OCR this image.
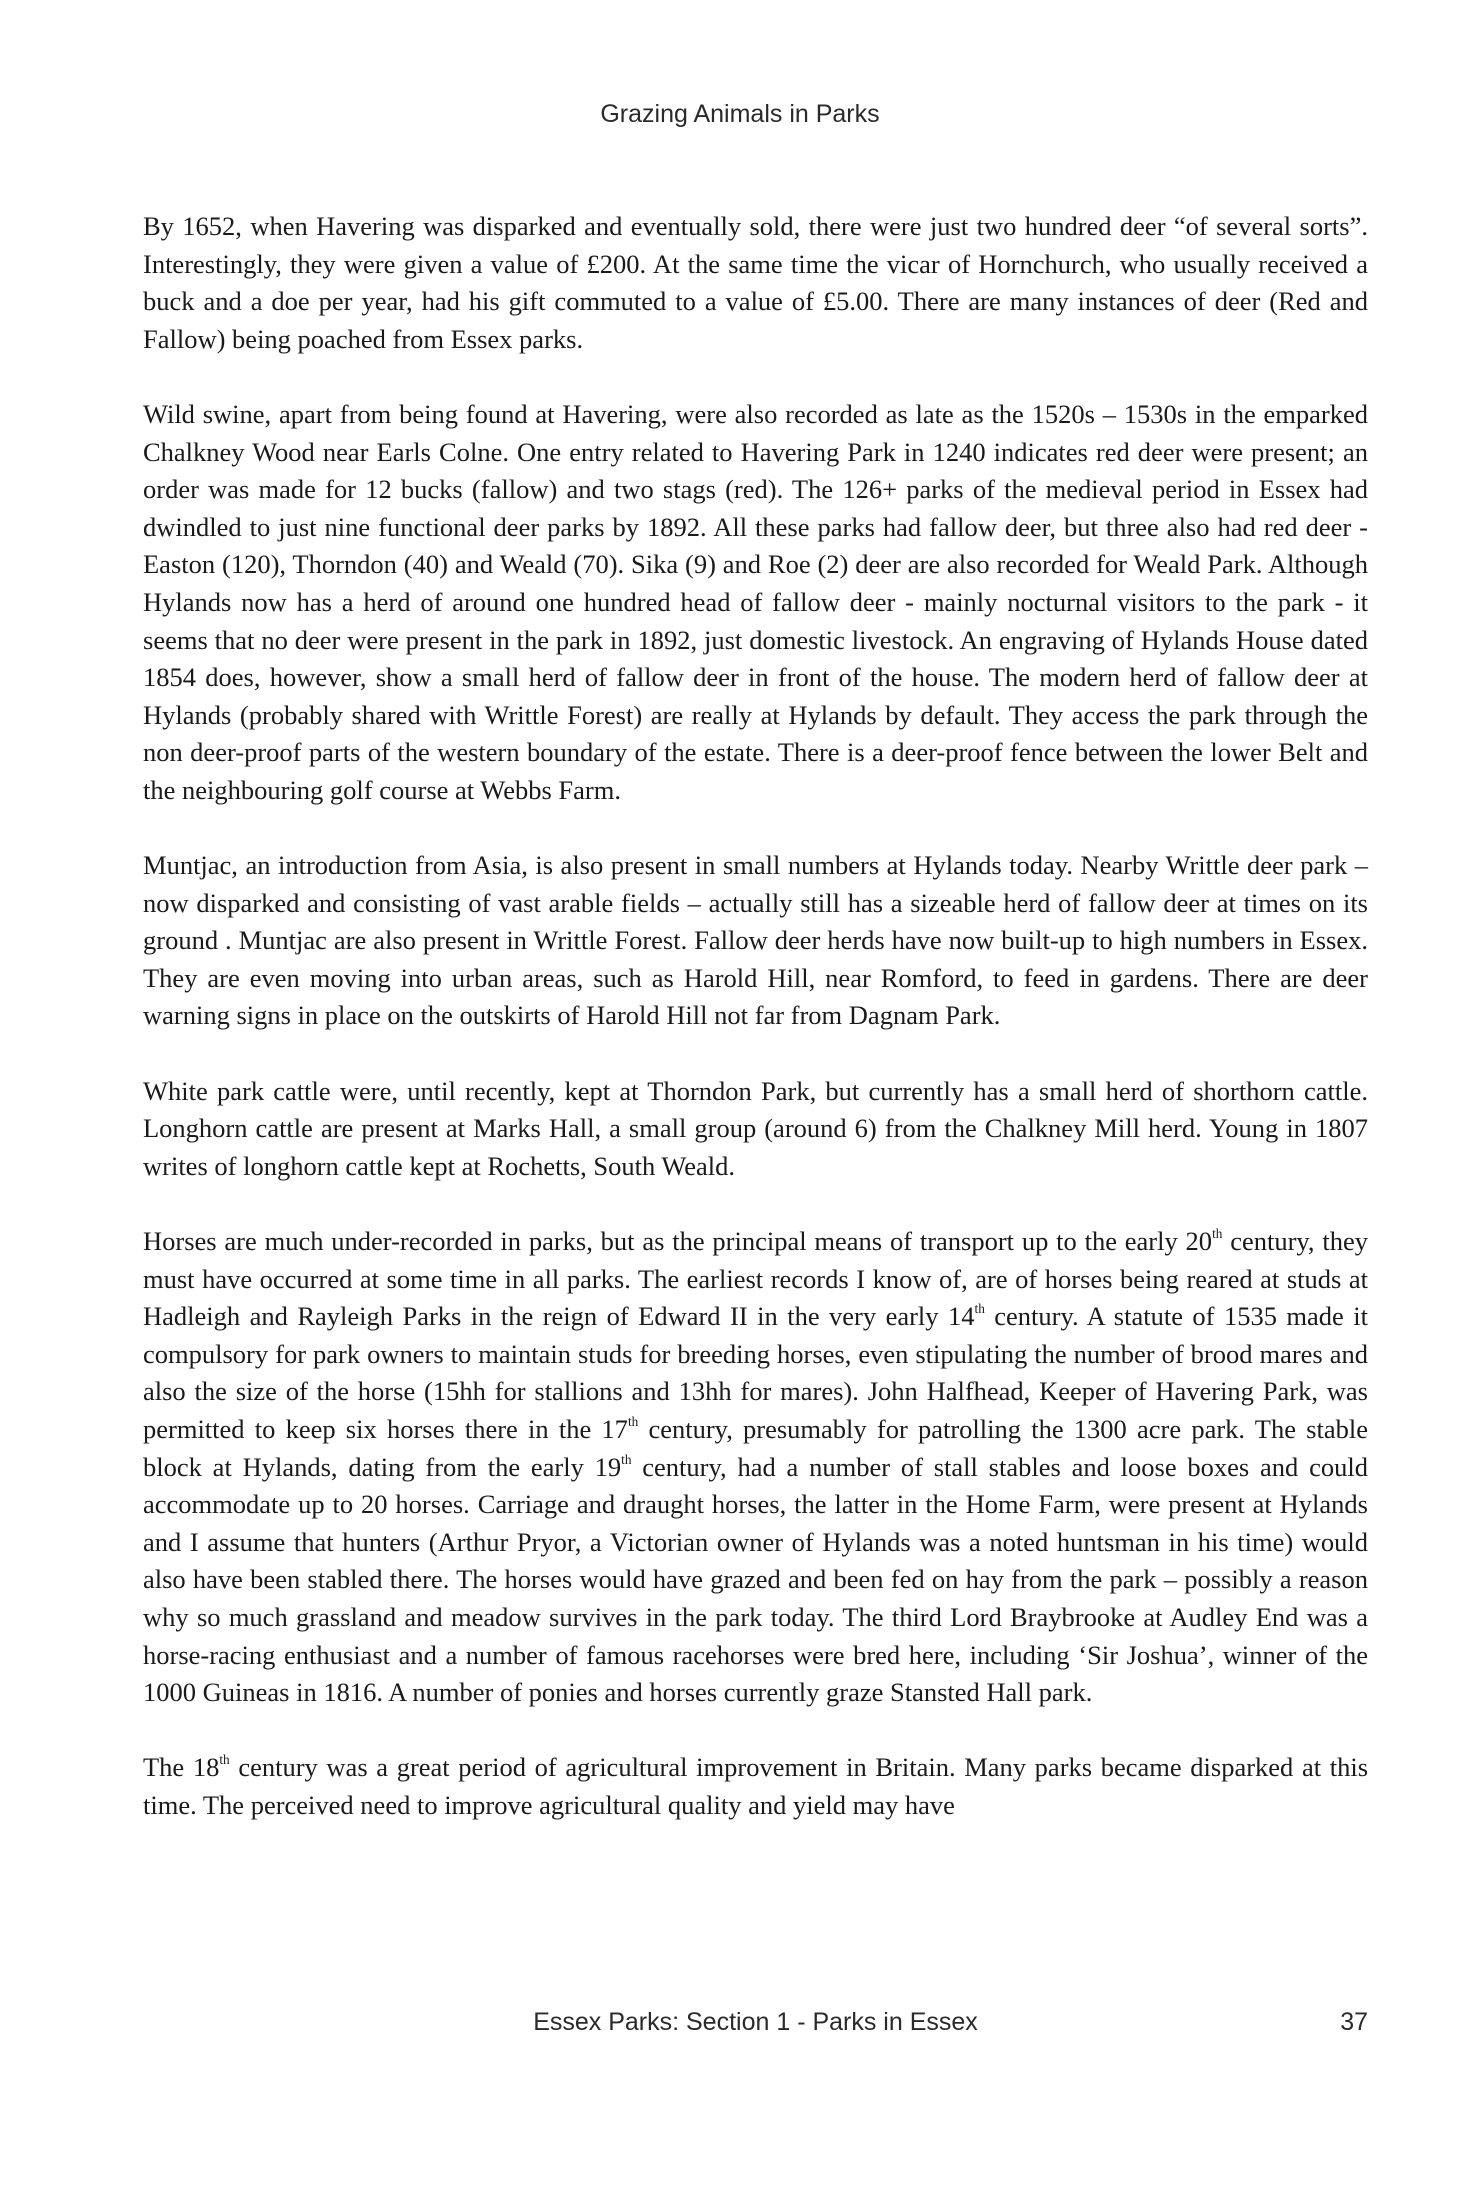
Grazing Animals in Parks

By 1652, when Havering was disparked and eventually sold, there were just two hundred deer “of several sorts”. Interestingly, they were given a value of £200. At the same time the vicar of Hornchurch, who usually received a buck and a doe per year, had his gift commuted to a value of £5.00. There are many instances of deer (Red and Fallow) being poached from Essex parks.

Wild swine, apart from being found at Havering, were also recorded as late as the 1520s – 1530s in the emparked Chalkney Wood near Earls Colne. One entry related to Havering Park in 1240 indicates red deer were present; an order was made for 12 bucks (fallow) and two stags (red). The 126+ parks of the medieval period in Essex had dwindled to just nine functional deer parks by 1892. All these parks had fallow deer, but three also had red deer - Easton (120), Thorndon (40) and Weald (70). Sika (9) and Roe (2) deer are also recorded for Weald Park. Although Hylands now has a herd of around one hundred head of fallow deer - mainly nocturnal visitors to the park - it seems that no deer were present in the park in 1892, just domestic livestock. An engraving of Hylands House dated 1854 does, however, show a small herd of fallow deer in front of the house. The modern herd of fallow deer at Hylands (probably shared with Writtle Forest) are really at Hylands by default. They access the park through the non deer-proof parts of the western boundary of the estate. There is a deer-proof fence between the lower Belt and the neighbouring golf course at Webbs Farm.

Muntjac, an introduction from Asia, is also present in small numbers at Hylands today. Nearby Writtle deer park – now disparked and consisting of vast arable fields – actually still has a sizeable herd of fallow deer at times on its ground . Muntjac are also present in Writtle Forest. Fallow deer herds have now built-up to high numbers in Essex. They are even moving into urban areas, such as Harold Hill, near Romford, to feed in gardens. There are deer warning signs in place on the outskirts of Harold Hill not far from Dagnam Park.

White park cattle were, until recently, kept at Thorndon Park, but currently has a small herd of shorthorn cattle. Longhorn cattle are present at Marks Hall, a small group (around 6) from the Chalkney Mill herd. Young in 1807 writes of longhorn cattle kept at Rochetts, South Weald.

Horses are much under-recorded in parks, but as the principal means of transport up to the early 20th century, they must have occurred at some time in all parks. The earliest records I know of, are of horses being reared at studs at Hadleigh and Rayleigh Parks in the reign of Edward II in the very early 14th century. A statute of 1535 made it compulsory for park owners to maintain studs for breeding horses, even stipulating the number of brood mares and also the size of the horse (15hh for stallions and 13hh for mares). John Halfhead, Keeper of Havering Park, was permitted to keep six horses there in the 17th century, presumably for patrolling the 1300 acre park. The stable block at Hylands, dating from the early 19th century, had a number of stall stables and loose boxes and could accommodate up to 20 horses. Carriage and draught horses, the latter in the Home Farm, were present at Hylands and I assume that hunters (Arthur Pryor, a Victorian owner of Hylands was a noted huntsman in his time) would also have been stabled there. The horses would have grazed and been fed on hay from the park – possibly a reason why so much grassland and meadow survives in the park today. The third Lord Braybrooke at Audley End was a horse-racing enthusiast and a number of famous racehorses were bred here, including ‘Sir Joshua’, winner of the 1000 Guineas in 1816. A number of ponies and horses currently graze Stansted Hall park.

The 18th century was a great period of agricultural improvement in Britain. Many parks became disparked at this time. The perceived need to improve agricultural quality and yield may have

Essex Parks: Section 1 - Parks in Essex	37
